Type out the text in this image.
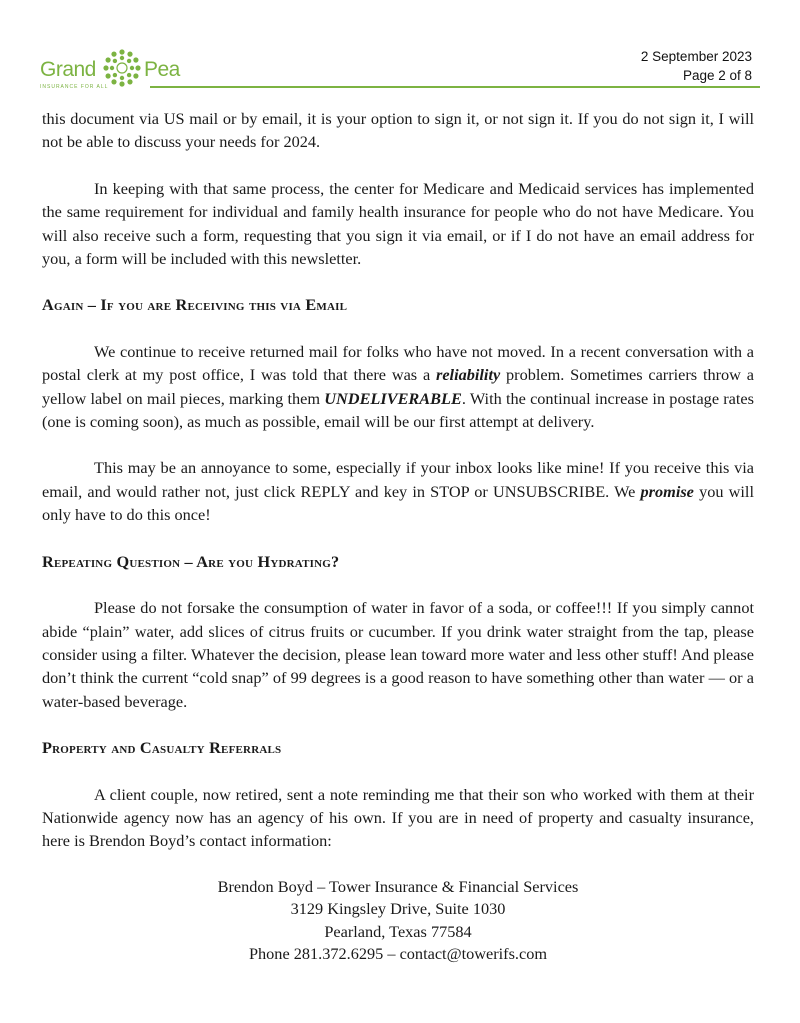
Grand Pea
INSURANCE FOR ALL
2 September 2023
Page 2 of 8

this document via US mail or by email, it is your option to sign it, or not sign it. If you do not sign it, I will not be able to discuss your needs for 2024.

In keeping with that same process, the center for Medicare and Medicaid services has implemented the same requirement for individual and family health insurance for people who do not have Medicare. You will also receive such a form, requesting that you sign it via email, or if I do not have an email address for you, a form will be included with this newsletter.

Again – If you are Receiving this via Email

We continue to receive returned mail for folks who have not moved. In a recent conversation with a postal clerk at my post office, I was told that there was a reliability problem. Sometimes carriers throw a yellow label on mail pieces, marking them UNDELIVERABLE. With the continual increase in postage rates (one is coming soon), as much as possible, email will be our first attempt at delivery.

This may be an annoyance to some, especially if your inbox looks like mine! If you receive this via email, and would rather not, just click REPLY and key in STOP or UNSUBSCRIBE. We promise you will only have to do this once!

Repeating Question – Are you Hydrating?

Please do not forsake the consumption of water in favor of a soda, or coffee!!! If you simply cannot abide “plain” water, add slices of citrus fruits or cucumber. If you drink water straight from the tap, please consider using a filter. Whatever the decision, please lean toward more water and less other stuff! And please don’t think the current “cold snap” of 99 degrees is a good reason to have something other than water — or a water-based beverage.

Property and Casualty Referrals

A client couple, now retired, sent a note reminding me that their son who worked with them at their Nationwide agency now has an agency of his own. If you are in need of property and casualty insurance, here is Brendon Boyd’s contact information:

Brendon Boyd – Tower Insurance & Financial Services
3129 Kingsley Drive, Suite 1030
Pearland, Texas 77584
Phone 281.372.6295 – contact@towerifs.com
